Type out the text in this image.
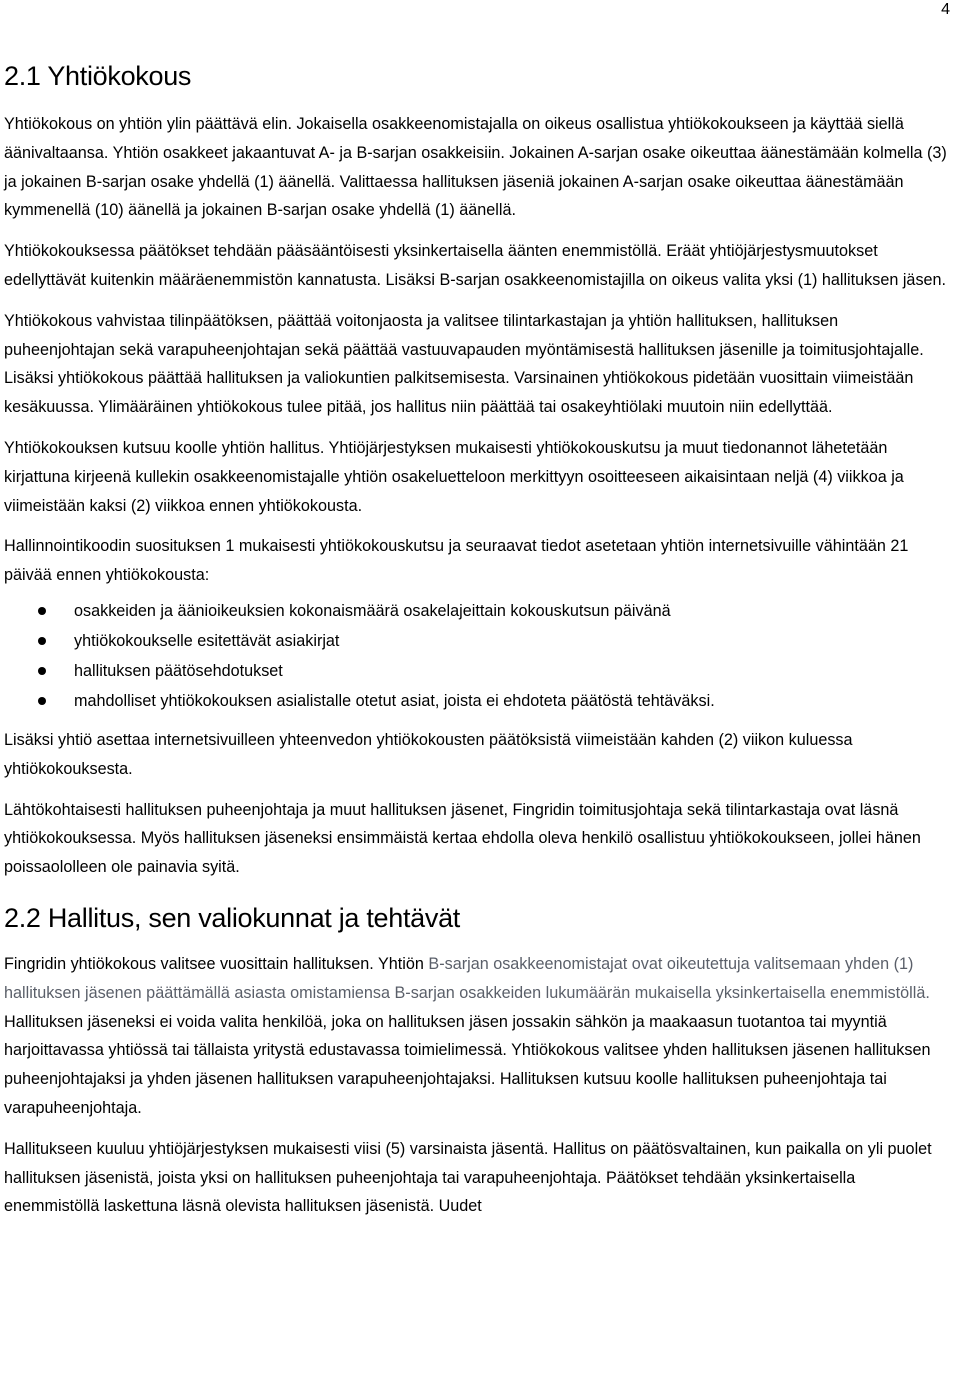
4
2.1 Yhtiökokous

Yhtiökokous on yhtiön ylin päättävä elin. Jokaisella osakkeenomistajalla on oikeus osallistua yhtiökokoukseen ja käyttää siellä äänivaltaansa. Yhtiön osakkeet jakaantuvat A- ja B-sarjan osakkeisiin. Jokainen A-sarjan osake oikeuttaa äänestämään kolmella (3) ja jokainen B-sarjan osake yhdellä (1) äänellä. Valittaessa hallituksen jäseniä jokainen A-sarjan osake oikeuttaa äänestämään kymmenellä (10) äänellä ja jokainen B-sarjan osake yhdellä (1) äänellä.

Yhtiökokouksessa päätökset tehdään pääsääntöisesti yksinkertaisella äänten enemmistöllä. Eräät yhtiöjärjestysmuutokset edellyttävät kuitenkin määräenemmistön kannatusta. Lisäksi B-sarjan osakkeenomistajilla on oikeus valita yksi (1) hallituksen jäsen.

Yhtiökokous vahvistaa tilinpäätöksen, päättää voitonjaosta ja valitsee tilintarkastajan ja yhtiön hallituksen, hallituksen puheenjohtajan sekä varapuheenjohtajan sekä päättää vastuuvapauden myöntämisestä hallituksen jäsenille ja toimitusjohtajalle. Lisäksi yhtiökokous päättää hallituksen ja valiokuntien palkitsemisesta. Varsinainen yhtiökokous pidetään vuosittain viimeistään kesäkuussa. Ylimääräinen yhtiökokous tulee pitää, jos hallitus niin päättää tai osakeyhtiölaki muutoin niin edellyttää.

Yhtiökokouksen kutsuu koolle yhtiön hallitus. Yhtiöjärjestyksen mukaisesti yhtiökokouskutsu ja muut tiedonannot lähetetään kirjattuna kirjeenä kullekin osakkeenomistajalle yhtiön osakeluetteloon merkittyyn osoitteeseen aikaisintaan neljä (4) viikkoa ja viimeistään kaksi (2) viikkoa ennen yhtiökokousta.

Hallinnointikoodin suosituksen 1 mukaisesti yhtiökokouskutsu ja seuraavat tiedot asetetaan yhtiön internetsivuille vähintään 21 päivää ennen yhtiökokousta:

osakkeiden ja äänioikeuksien kokonaismäärä osakelajeittain kokouskutsun päivänä
yhtiökokoukselle esitettävät asiakirjat
hallituksen päätösehdotukset
mahdolliset yhtiökokouksen asialistalle otetut asiat, joista ei ehdoteta päätöstä tehtäväksi.

Lisäksi yhtiö asettaa internetsivuilleen yhteenvedon yhtiökokousten päätöksistä viimeistään kahden (2) viikon kuluessa yhtiökokouksesta.

Lähtökohtaisesti hallituksen puheenjohtaja ja muut hallituksen jäsenet, Fingridin toimitusjohtaja sekä tilintarkastaja ovat läsnä yhtiökokouksessa. Myös hallituksen jäseneksi ensimmäistä kertaa ehdolla oleva henkilö osallistuu yhtiökokoukseen, jollei hänen poissaololleen ole painavia syitä.

2.2 Hallitus, sen valiokunnat ja tehtävät

Fingridin yhtiökokous valitsee vuosittain hallituksen. Yhtiön B-sarjan osakkeenomistajat ovat oikeutettuja valitsemaan yhden (1) hallituksen jäsenen päättämällä asiasta omistamiensa B-sarjan osakkeiden lukumäärän mukaisella yksinkertaisella enemmistöllä. Hallituksen jäseneksi ei voida valita henkilöä, joka on hallituksen jäsen jossakin sähkön ja maakaasun tuotantoa tai myyntiä harjoittavassa yhtiössä tai tällaista yritystä edustavassa toimielimessä. Yhtiökokous valitsee yhden hallituksen jäsenen hallituksen puheenjohtajaksi ja yhden jäsenen hallituksen varapuheenjohtajaksi. Hallituksen kutsuu koolle hallituksen puheenjohtaja tai varapuheenjohtaja.

Hallitukseen kuuluu yhtiöjärjestyksen mukaisesti viisi (5) varsinaista jäsentä. Hallitus on päätösvaltainen, kun paikalla on yli puolet hallituksen jäsenistä, joista yksi on hallituksen puheenjohtaja tai varapuheenjohtaja. Päätökset tehdään yksinkertaisella enemmistöllä laskettuna läsnä olevista hallituksen jäsenistä. Uudet
